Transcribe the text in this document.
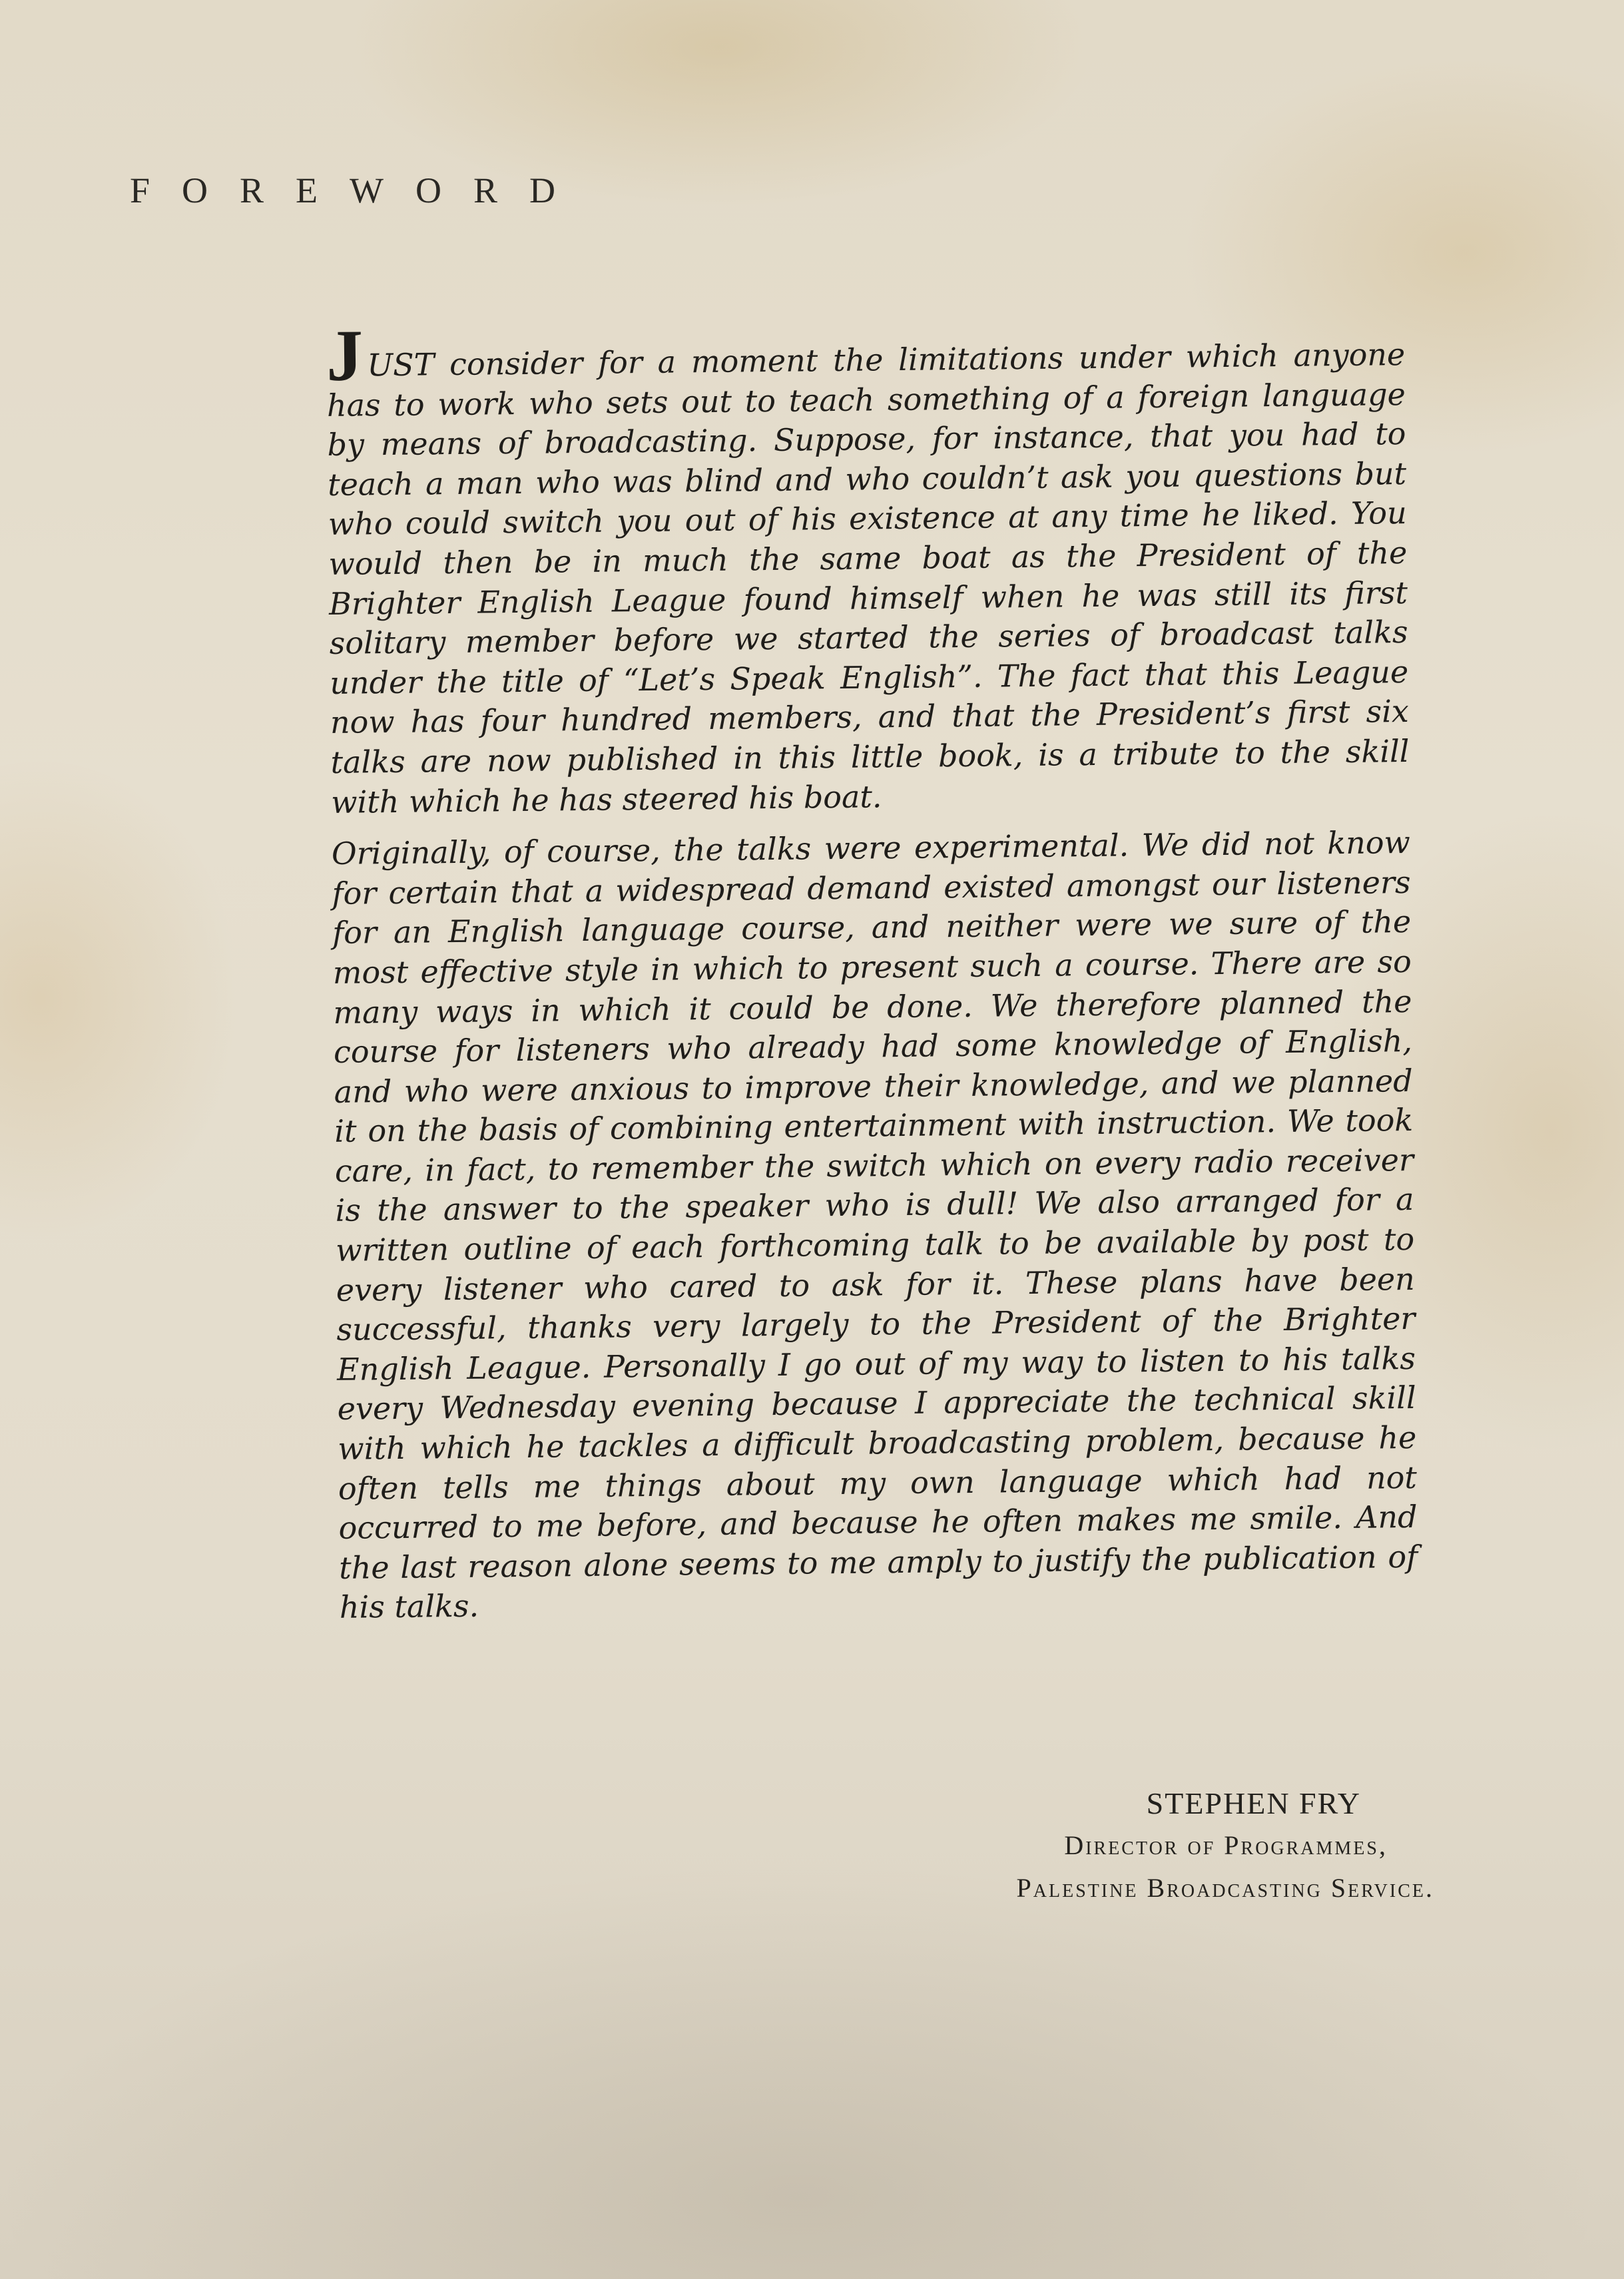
FOREWORD

JUST consider for a moment the limitations under which anyone has to work who sets out to teach something of a foreign language by means of broadcasting. Suppose, for instance, that you had to teach a man who was blind and who couldn’t ask you questions but who could switch you out of his existence at any time he liked. You would then be in much the same boat as the President of the Brighter English League found himself when he was still its first solitary member before we started the series of broadcast talks under the title of “Let’s Speak English”. The fact that this League now has four hundred members, and that the President’s first six talks are now published in this little book, is a tribute to the skill with which he has steered his boat.

Originally, of course, the talks were experimental. We did not know for certain that a widespread demand existed amongst our listeners for an English language course, and neither were we sure of the most effective style in which to present such a course. There are so many ways in which it could be done. We therefore planned the course for listeners who already had some knowledge of English, and who were anxious to improve their knowledge, and we planned it on the basis of combining entertainment with instruction. We took care, in fact, to remember the switch which on every radio receiver is the answer to the speaker who is dull! We also arranged for a written outline of each forthcoming talk to be available by post to every listener who cared to ask for it. These plans have been successful, thanks very largely to the President of the Brighter English League. Personally I go out of my way to listen to his talks every Wednesday evening because I appreciate the technical skill with which he tackles a difficult broadcasting problem, because he often tells me things about my own language which had not occurred to me before, and because he often makes me smile. And the last reason alone seems to me amply to justify the publication of his talks.

STEPHEN FRY
Director of Programmes,
Palestine Broadcasting Service.
